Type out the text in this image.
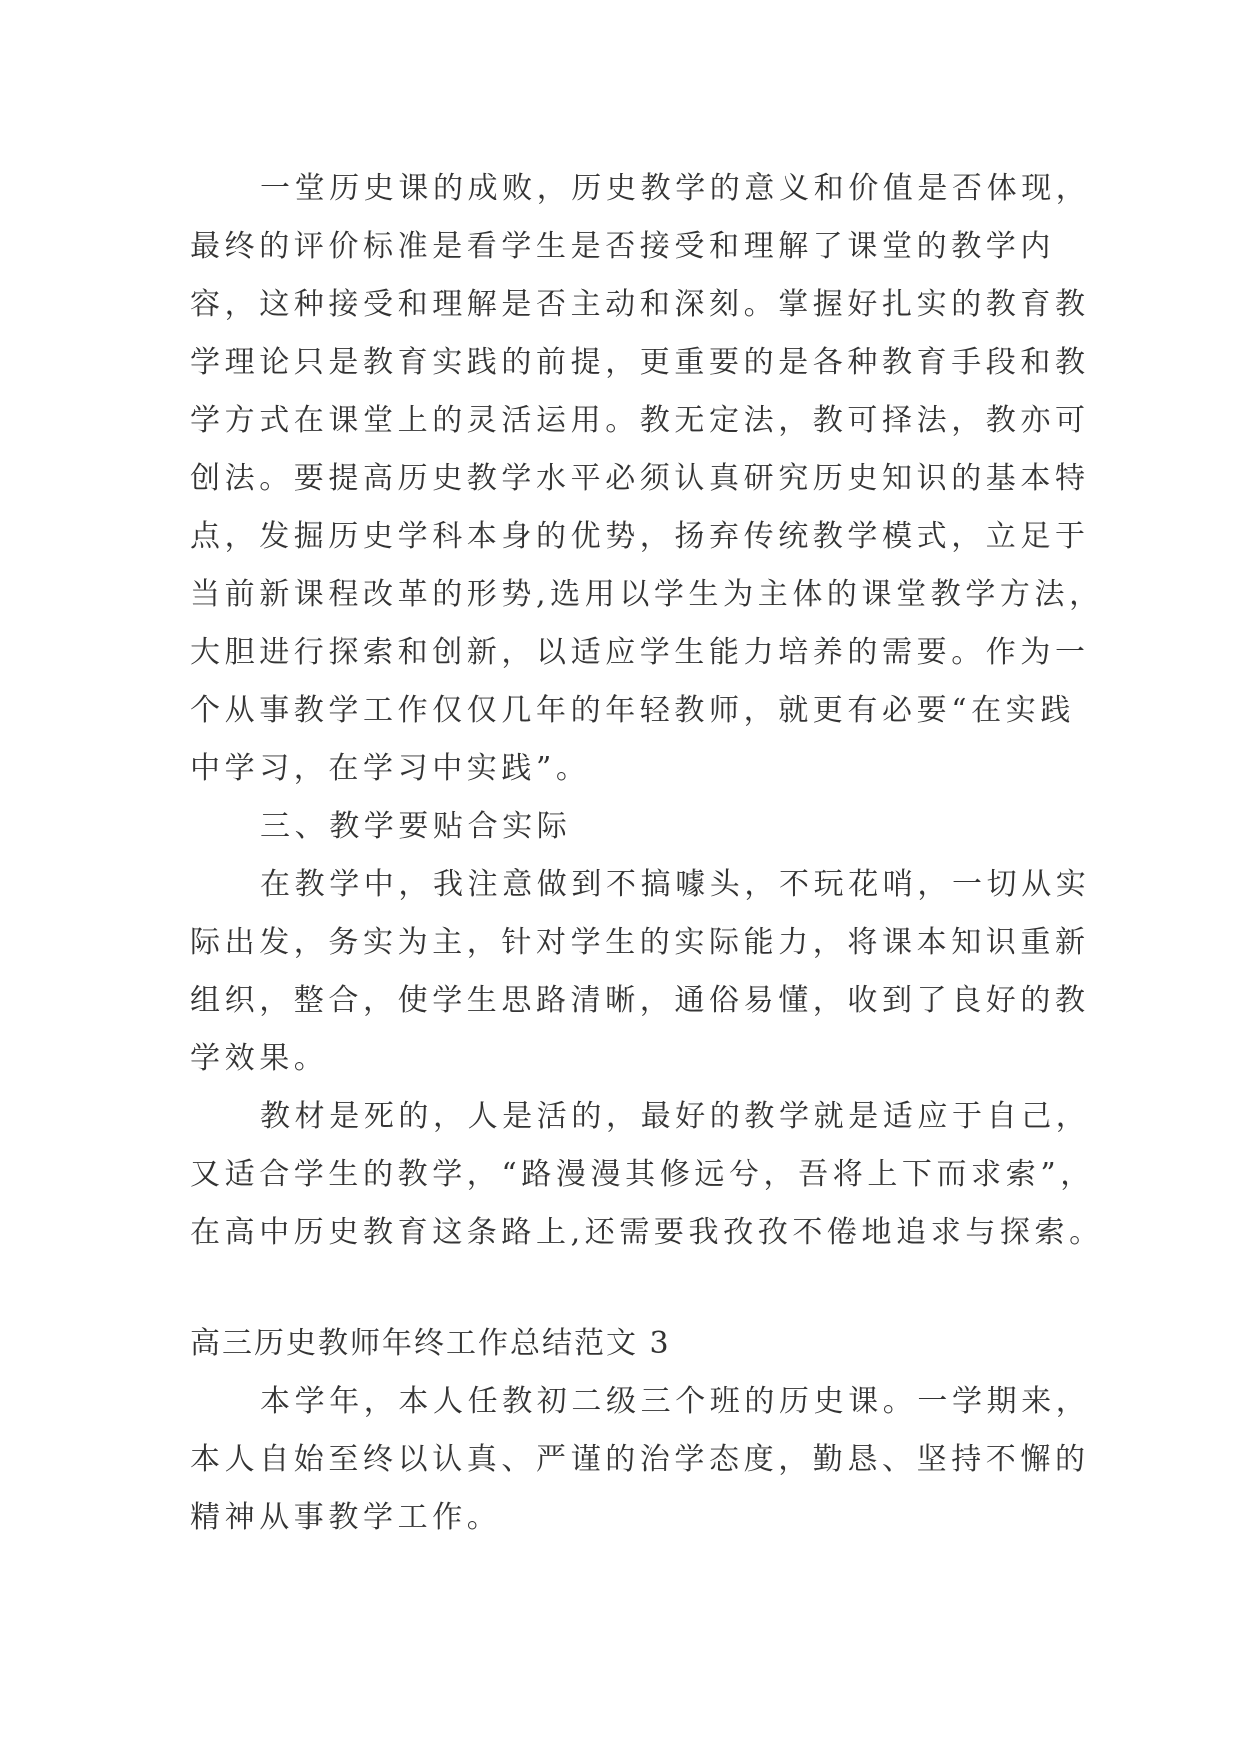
一堂历史课的成败，历史教学的意义和价值是否体现，
最终的评价标准是看学生是否接受和理解了课堂的教学内
容，这种接受和理解是否主动和深刻。掌握好扎实的教育教
学理论只是教育实践的前提，更重要的是各种教育手段和教
学方式在课堂上的灵活运用。教无定法，教可择法，教亦可
创法。要提高历史教学水平必须认真研究历史知识的基本特
点，发掘历史学科本身的优势，扬弃传统教学模式，立足于
当前新课程改革的形势,选用以学生为主体的课堂教学方法，
大胆进行探索和创新，以适应学生能力培养的需要。作为一
个从事教学工作仅仅几年的年轻教师，就更有必要“在实践
中学习，在学习中实践”。
三、教学要贴合实际
在教学中，我注意做到不搞噱头，不玩花哨，一切从实
际出发，务实为主，针对学生的实际能力，将课本知识重新
组织，整合，使学生思路清晰，通俗易懂，收到了良好的教
学效果。
教材是死的，人是活的，最好的教学就是适应于自己，
又适合学生的教学，“路漫漫其修远兮，吾将上下而求索”，
在高中历史教育这条路上,还需要我孜孜不倦地追求与探索。
高三历史教师年终工作总结范文 3
本学年，本人任教初二级三个班的历史课。一学期来，
本人自始至终以认真、严谨的治学态度，勤恳、坚持不懈的
精神从事教学工作。
